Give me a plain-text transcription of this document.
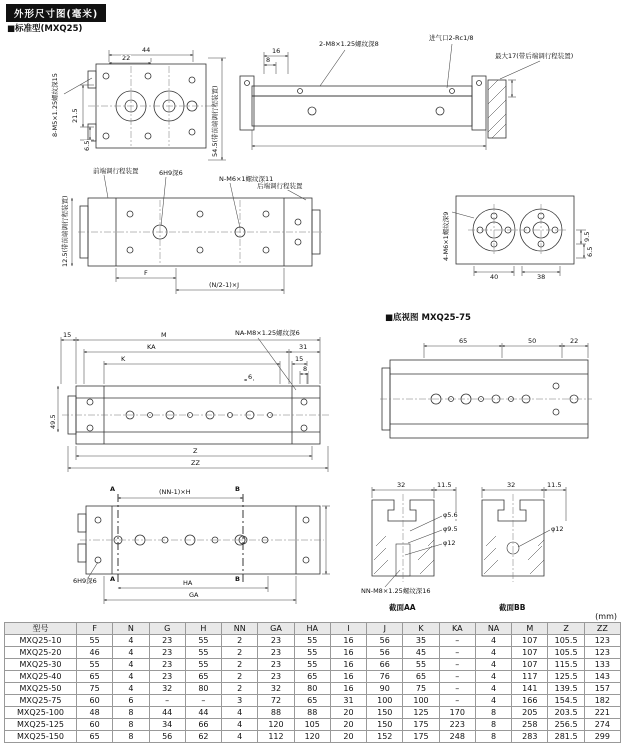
外形尺寸图(毫米)
■标准型(MXQ25)
■底视图 MXQ25-75
44
22
8-M5×1.25螺纹深15 21.5
6.5	54.5(带前端调行程装置)
16
8
2-M8×1.25螺纹深8
进气口2-Rc1/8
最大17(带后端调行程装置)
前端调行程装置	6H9深6
N-M6×1螺纹深11
后端调行程装置
12.5(带前端调行程装置)
F
(N/2-1)×J
4-M6×1螺纹深9
40	38
9.5
6.5
15	M
KA	31
K	15
8
NA-M8×1.25螺纹深6
6
49.5
Z
ZZ
65	50	22
(NN-1)×H
A	B
A	B
HA
GA
6H9深6
32	11.5
φ5.6
φ9.5
φ12
NN-M8×1.25螺纹深16
截面AA
32	11.5
φ12
截面BB
(mm)
型号	F	N	G	H	NN	GA	HA	I	J	K	KA	NA	M	Z	ZZ
MXQ25-10	55	4	23	55	2	23	55	16	56	35	–	4	107	105.5	123
MXQ25-20	46	4	23	55	2	23	55	16	56	45	–	4	107	105.5	123
MXQ25-30	55	4	23	55	2	23	55	16	66	55	–	4	107	115.5	133
MXQ25-40	65	4	23	65	2	23	65	16	76	65	–	4	117	125.5	143
MXQ25-50	75	4	32	80	2	32	80	16	90	75	–	4	141	139.5	157
MXQ25-75	60	6	–	–	3	72	65	31	100	100	–	4	166	154.5	182
MXQ25-100	48	8	44	44	4	88	88	20	150	125	170	8	205	203.5	221
MXQ25-125	60	8	34	66	4	120	105	20	150	175	223	8	258	256.5	274
MXQ25-150	65	8	56	62	4	112	120	20	152	175	248	8	283	281.5	299
